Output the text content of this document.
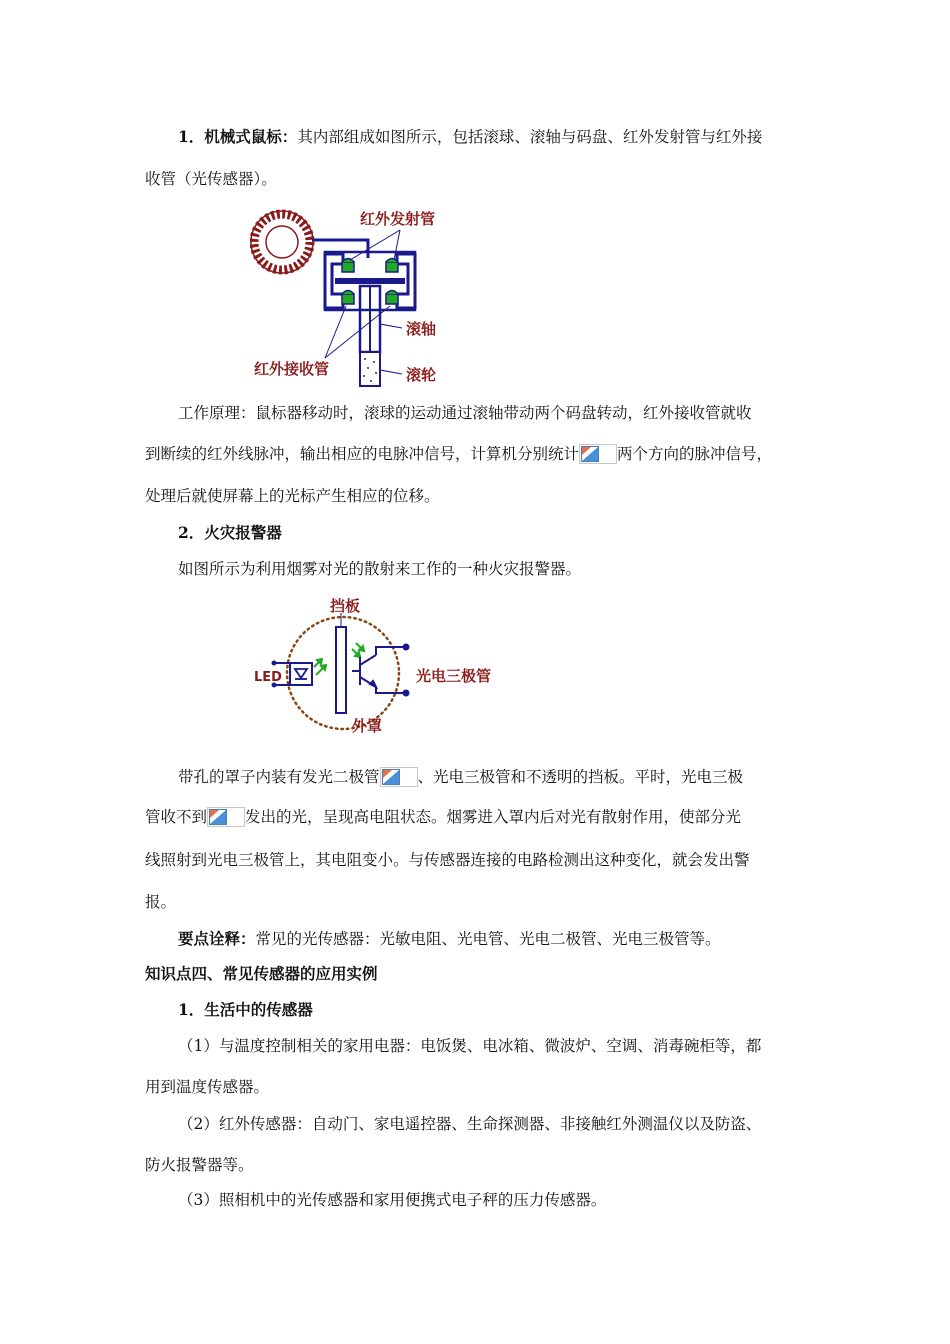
1．机械式鼠标：其内部组成如图所示，包括滚球、滚轴与码盘、红外发射管与红外接
收管（光传感器）。
红外发射管
滚轴
红外接收管	滚轮
工作原理：鼠标器移动时，滚球的运动通过滚轴带动两个码盘转动，红外接收管就收
到断续的红外线脉冲，输出相应的电脉冲信号，计算机分别统计 两个方向的脉冲信号，
处理后就使屏幕上的光标产生相应的位移。
2．火灾报警器
如图所示为利用烟雾对光的散射来工作的一种火灾报警器。
挡板
LED	光电三极管
外罩
带孔的罩子内装有发光二极管 、光电三极管和不透明的挡板。平时，光电三极
管收不到 发出的光，呈现高电阻状态。烟雾进入罩内后对光有散射作用，使部分光
线照射到光电三极管上，其电阻变小。与传感器连接的电路检测出这种变化，就会发出警
报。
要点诠释：常见的光传感器：光敏电阻、光电管、光电二极管、光电三极管等。
知识点四、常见传感器的应用实例
1．生活中的传感器
（1）与温度控制相关的家用电器：电饭煲、电冰箱、微波炉、空调、消毒碗柜等，都
用到温度传感器。
（2）红外传感器：自动门、家电遥控器、生命探测器、非接触红外测温仪以及防盗、
防火报警器等。
（3）照相机中的光传感器和家用便携式电子秤的压力传感器。
